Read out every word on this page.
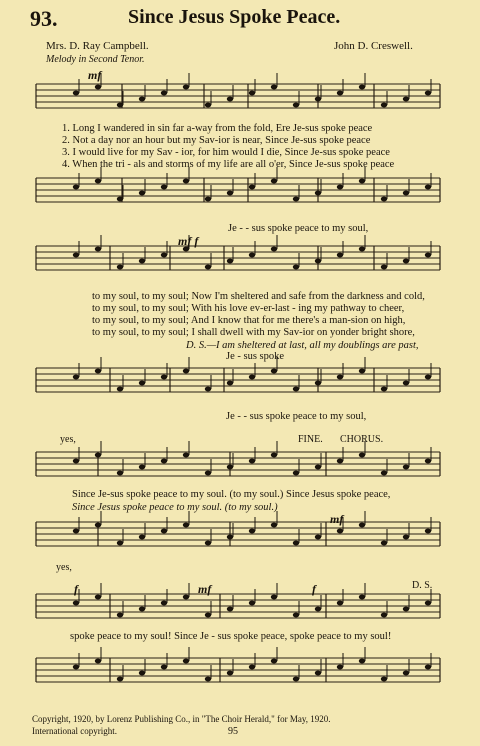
93.	Since Jesus Spoke Peace.
Mrs. D. Ray Campbell.	John D. Creswell.
Melody in Second Tenor.
mf
mf f
mf
f	mf	f
1. Long I wandered in sin far a-way from the fold, Ere Je-sus spoke peace
2. Not a day nor an hour but my Sav-ior is near, Since Je-sus spoke peace
3. I would live for my Sav - ior, for him would I die, Since Je-sus spoke peace
4. When the tri - als and storms of my life are all o'er, Since Je-sus spoke peace
Je - - sus spoke peace to my soul,
to my soul, to my soul; Now I'm sheltered and safe from the darkness and cold,
to my soul, to my soul; With his love ev-er-last - ing my pathway to cheer,
to my soul, to my soul; And I know that for me there's a man-sion on high,
to my soul, to my soul; I shall dwell with my Sav-ior on yonder bright shore,
D. S.—I am sheltered at last, all my doublings are past,
Je - sus spoke
Je - - sus spoke peace to my soul,
yes,	FINE. CHORUS.
Since Je-sus spoke peace to my soul. (to my soul.) Since Jesus spoke peace,
Since Jesus spoke peace to my soul. (to my soul.)
yes,
D. S.
spoke peace to my soul! Since Je - sus spoke peace, spoke peace to my soul!
Copyright, 1920, by Lorenz Publishing Co., in "The Choir Herald," for May, 1920.
International copyright.	95
